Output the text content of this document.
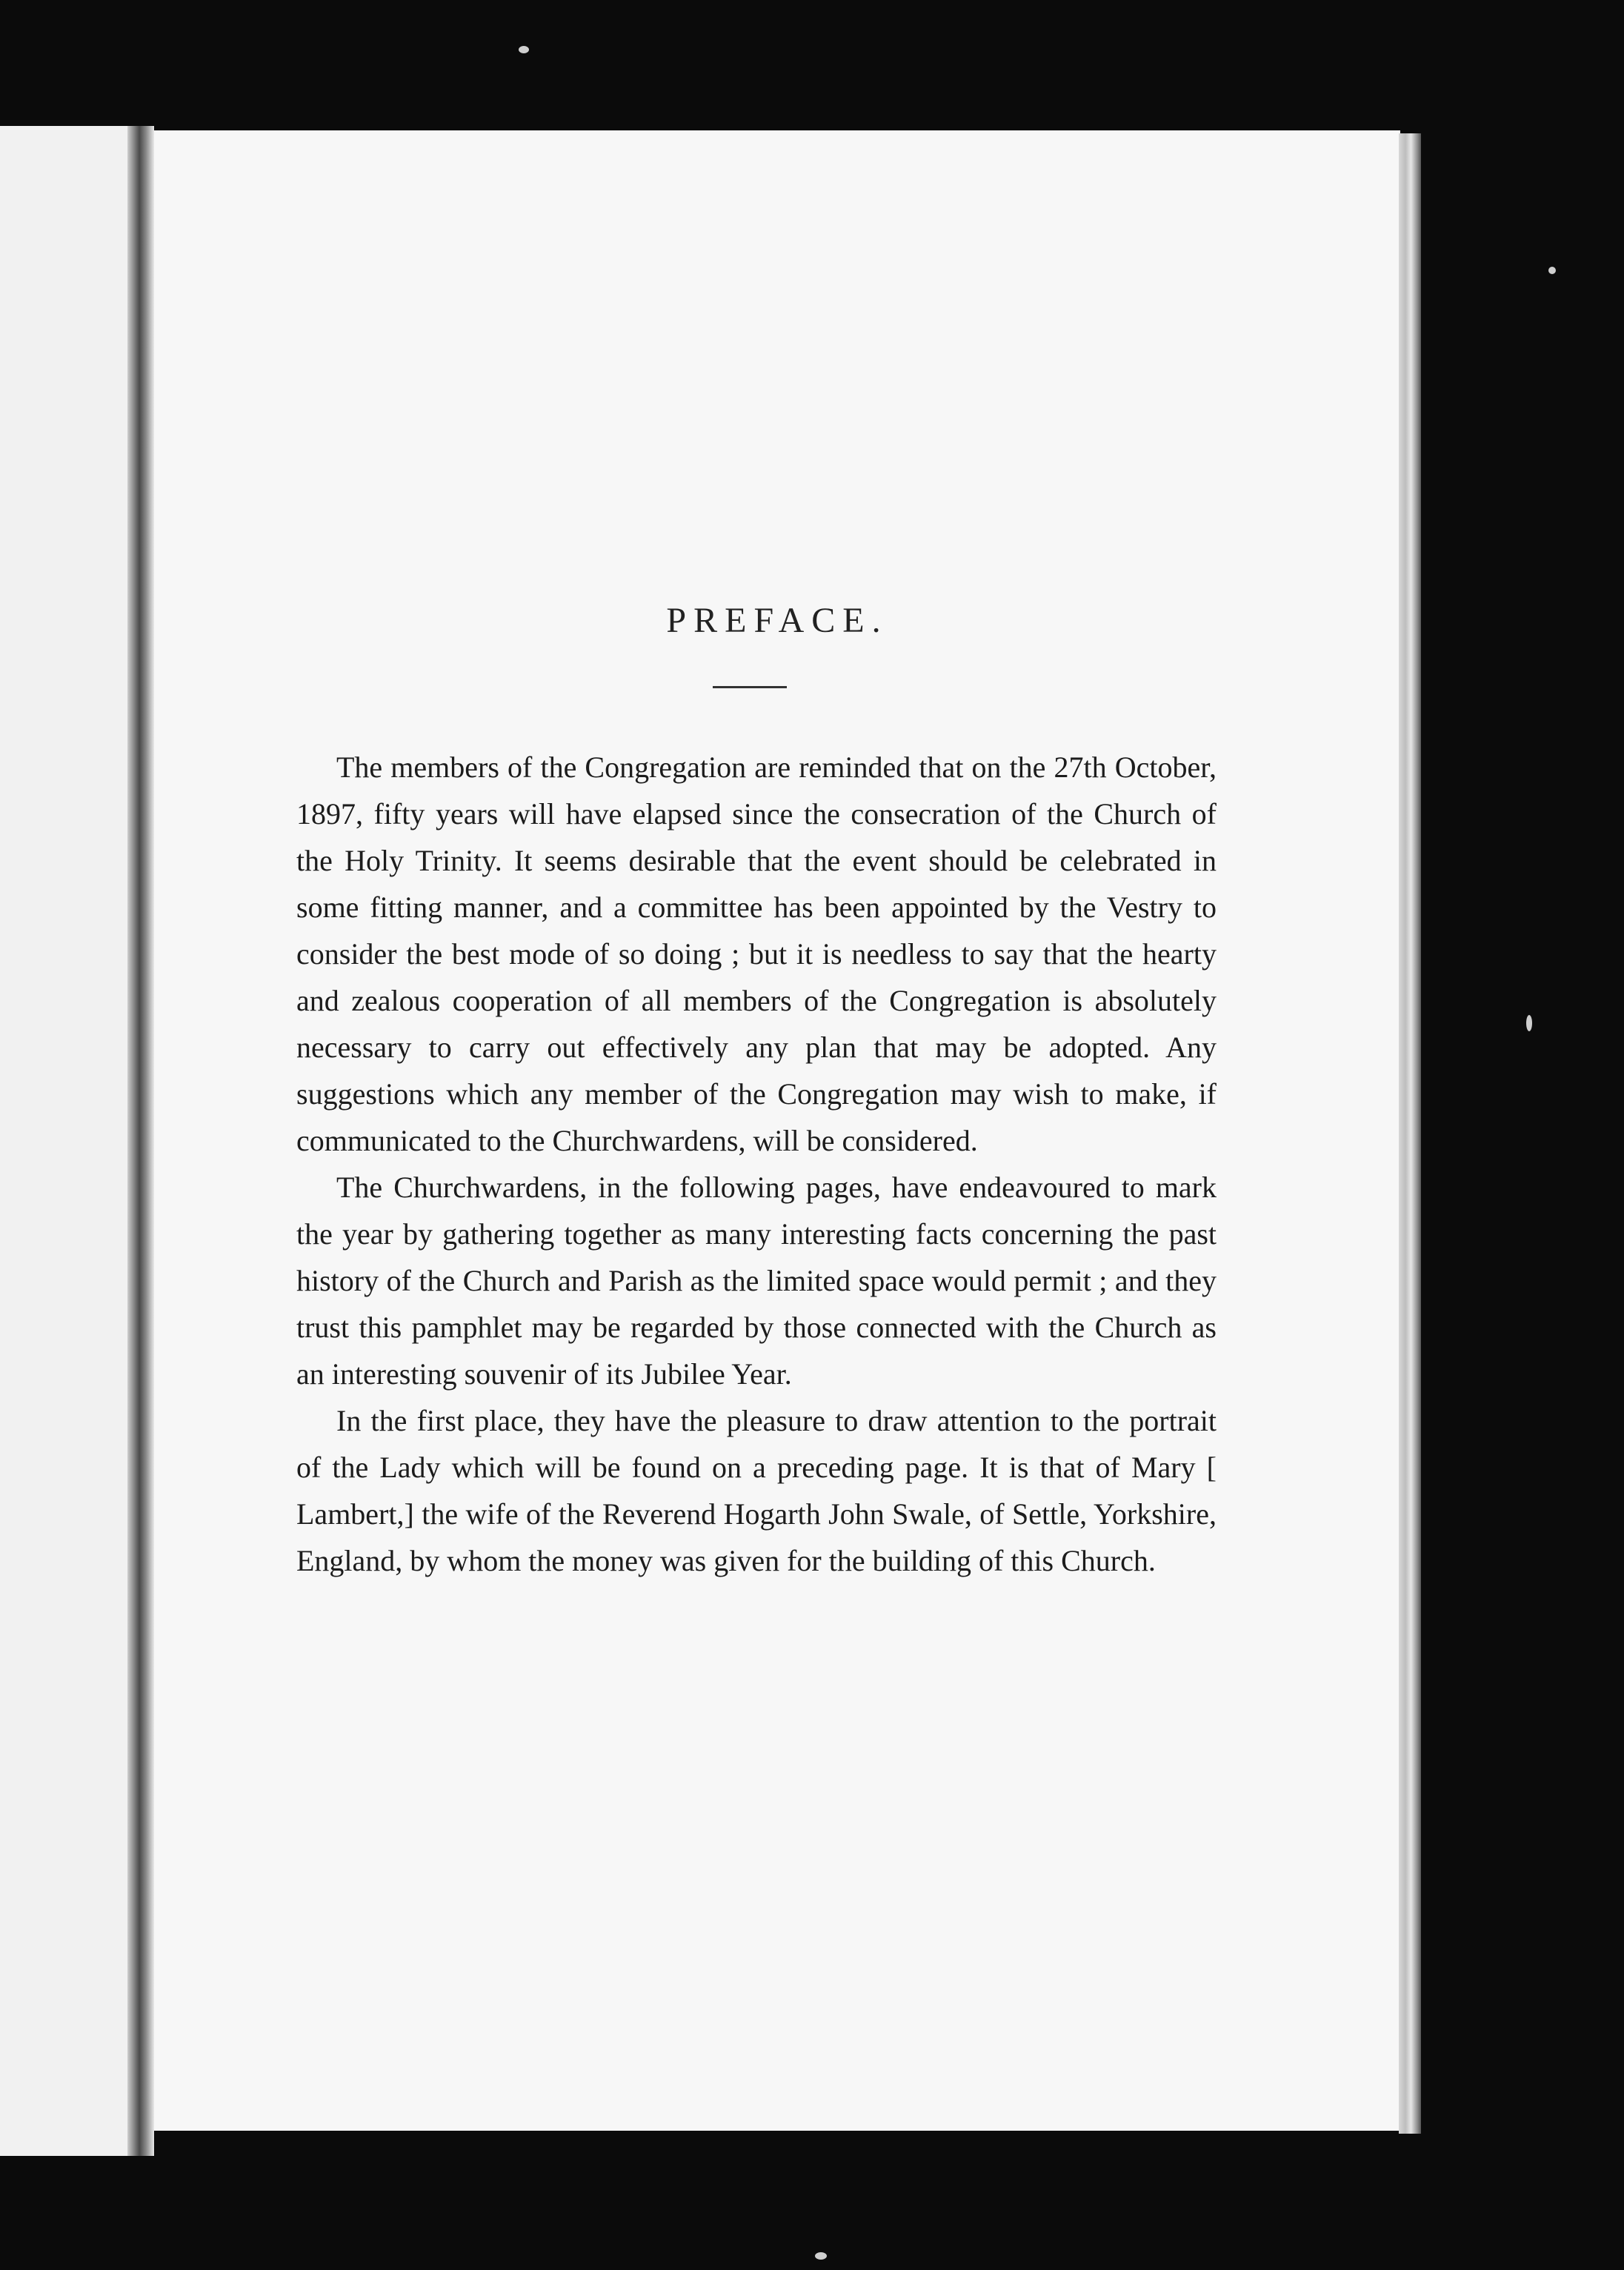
PREFACE.

The members of the Congregation are reminded that on the 27th October, 1897, fifty years will have elapsed since the consecration of the Church of the Holy Trinity. It seems desirable that the event should be celebrated in some fitting manner, and a committee has been appointed by the Vestry to consider the best mode of so doing ; but it is needless to say that the hearty and zealous cooperation of all members of the Congregation is absolutely necessary to carry out effectively any plan that may be adopted. Any suggestions which any member of the Congregation may wish to make, if communicated to the Churchwardens, will be considered.

The Churchwardens, in the following pages, have endeavoured to mark the year by gathering together as many interesting facts concerning the past history of the Church and Parish as the limited space would permit ; and they trust this pamphlet may be regarded by those connected with the Church as an interesting souvenir of its Jubilee Year.

In the first place, they have the pleasure to draw attention to the portrait of the Lady which will be found on a preceding page. It is that of Mary [ Lambert,] the wife of the Reverend Hogarth John Swale, of Settle, Yorkshire, England, by whom the money was given for the building of this Church.
